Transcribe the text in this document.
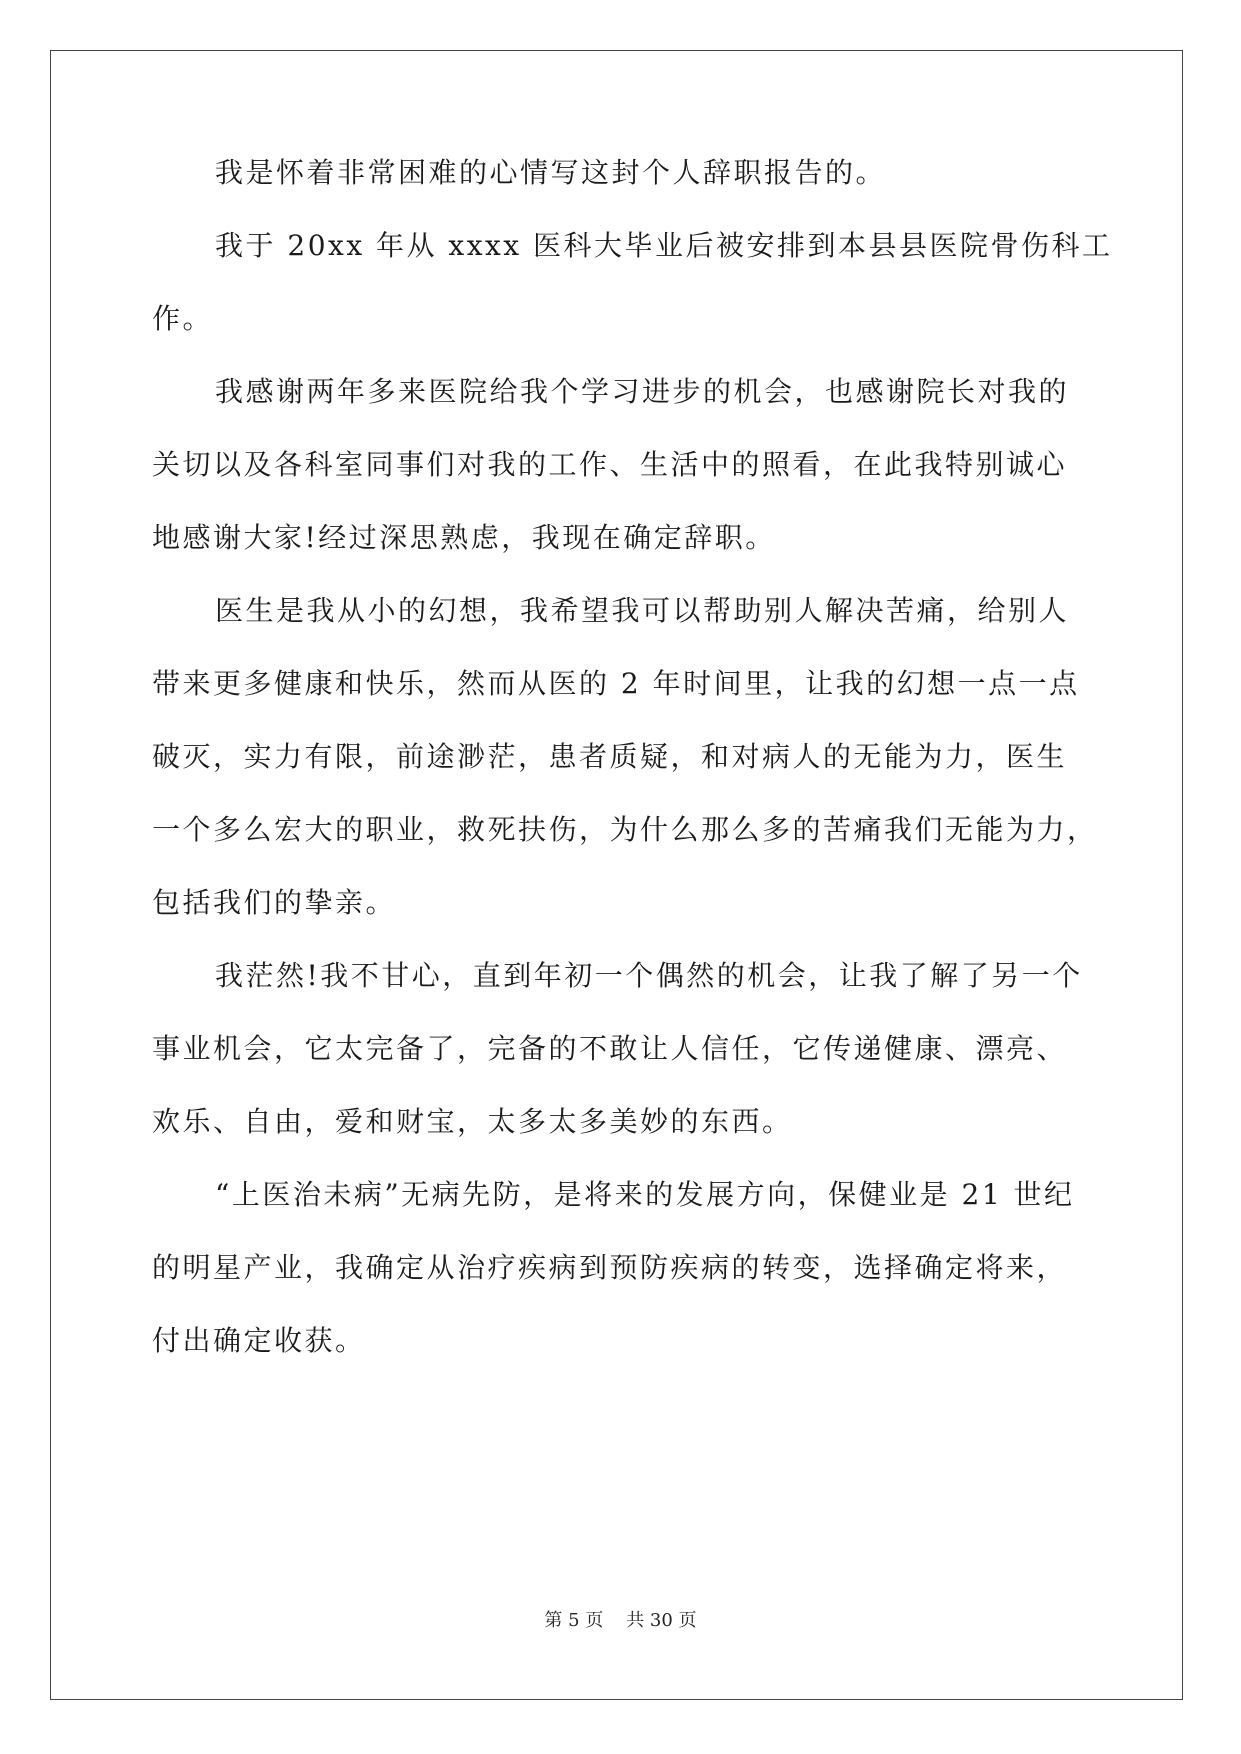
我是怀着非常困难的心情写这封个人辞职报告的。
我于 20xx 年从 xxxx 医科大毕业后被安排到本县县医院骨伤科工
作。
我感谢两年多来医院给我个学习进步的机会，也感谢院长对我的
关切以及各科室同事们对我的工作、生活中的照看，在此我特别诚心
地感谢大家!经过深思熟虑，我现在确定辞职。
医生是我从小的幻想，我希望我可以帮助别人解决苦痛，给别人
带来更多健康和快乐，然而从医的 2 年时间里，让我的幻想一点一点
破灭，实力有限，前途渺茫，患者质疑，和对病人的无能为力，医生
一个多么宏大的职业，救死扶伤，为什么那么多的苦痛我们无能为力，
包括我们的挚亲。
我茫然!我不甘心，直到年初一个偶然的机会，让我了解了另一个
事业机会，它太完备了，完备的不敢让人信任，它传递健康、漂亮、
欢乐、自由，爱和财宝，太多太多美妙的东西。
“上医治未病”无病先防，是将来的发展方向，保健业是 21 世纪
的明星产业，我确定从治疗疾病到预防疾病的转变，选择确定将来，
付出确定收获。
第 5 页    共 30 页
